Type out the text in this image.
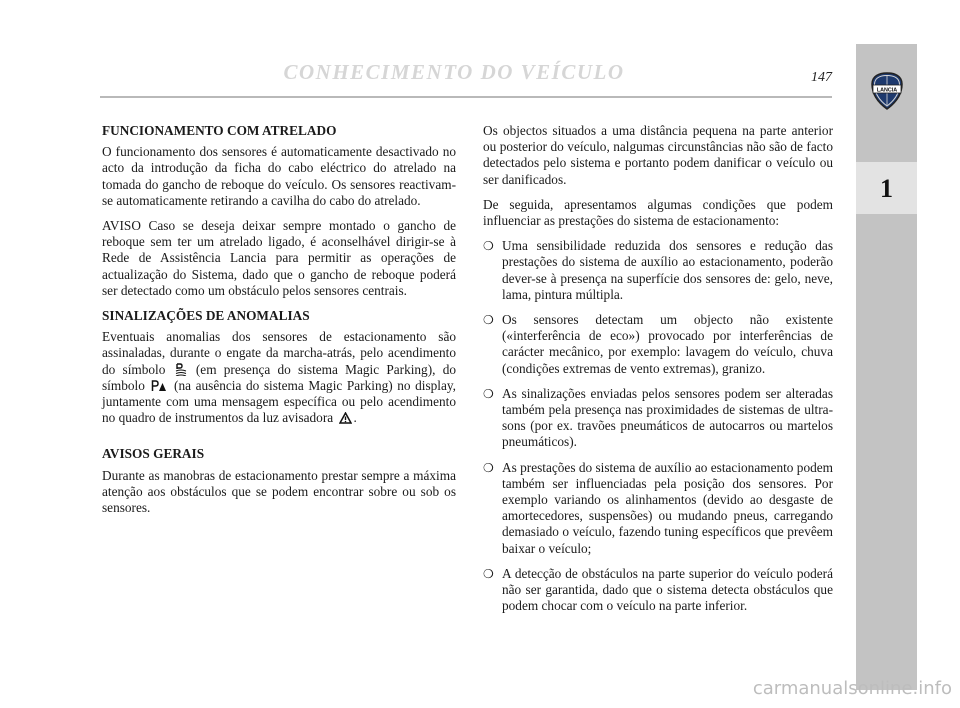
CONHECIMENTO DO VEÍCULO	147
LANCIA
1

FUNCIONAMENTO COM ATRELADO

O funcionamento dos sensores é automaticamente desactivado no acto da introdução da ficha do cabo eléctrico do atrelado na tomada do gancho de reboque do veículo. Os sensores reactivam-se automaticamente retirando a cavilha do cabo do atrelado.

AVISO Caso se deseja deixar sempre montado o gancho de reboque sem ter um atrelado ligado, é aconselhável dirigir-se à Rede de Assistência Lancia para permitir as operações de actualização do Sistema, dado que o gancho de reboque poderá ser detectado como um obstáculo pelos sensores centrais.

SINALIZAÇÕES DE ANOMALIAS

Eventuais anomalias dos sensores de estacionamento são assinaladas, durante o engate da marcha-atrás, pelo acendimento do símbolo (em presença do sistema Magic Parking), do símbolo (na ausência do sistema Magic Parking) no display, juntamente com uma mensagem específica ou pelo acendimento no quadro de instrumentos da luz avisadora .

AVISOS GERAIS

Durante as manobras de estacionamento prestar sempre a máxima atenção aos obstáculos que se podem encontrar sobre ou sob os sensores.

Os objectos situados a uma distância pequena na parte anterior ou posterior do veículo, nalgumas circunstâncias não são de facto detectados pelo sistema e portanto podem danificar o veículo ou ser danificados.

De seguida, apresentamos algumas condições que podem influenciar as prestações do sistema de estacionamento:

❍ Uma sensibilidade reduzida dos sensores e redução das prestações do sistema de auxílio ao estacionamento, poderão dever-se à presença na superfície dos sensores de: gelo, neve, lama, pintura múltipla.
❍ Os sensores detectam um objecto não existente («interferência de eco») provocado por interferências de carácter mecânico, por exemplo: lavagem do veículo, chuva (condições extremas de vento extremas), granizo.
❍ As sinalizações enviadas pelos sensores podem ser alteradas também pela presença nas proximidades de sistemas de ultra-sons (por ex. travões pneumáticos de autocarros ou martelos pneumáticos).
❍ As prestações do sistema de auxílio ao estacionamento podem também ser influenciadas pela posição dos sensores. Por exemplo variando os alinhamentos (devido ao desgaste de amortecedores, suspensões) ou mudando pneus, carregando demasiado o veículo, fazendo tuning específicos que prevêem baixar o veículo;
❍ A detecção de obstáculos na parte superior do veículo poderá não ser garantida, dado que o sistema detecta obstáculos que podem chocar com o veículo na parte inferior.
carmanualsonline.info
